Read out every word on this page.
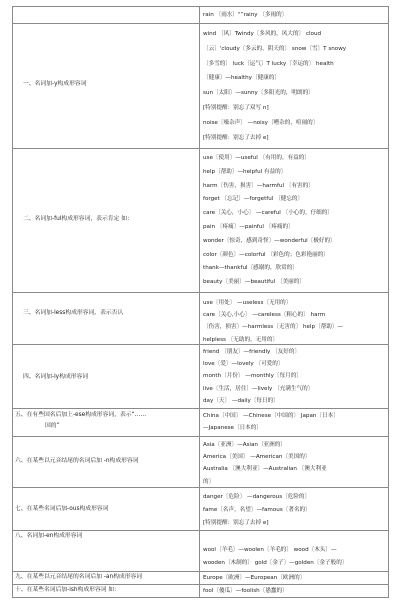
rain 〔雨水〕"“rainy 〔多雨的〕
一、名词加-y构成形容词
wind 〔风〕Twindy〔多风的，风大的〕 cloud
〔云〕'cloudy〔多云的，阴天的〕 snow〔雪〕T snowy
〔多雪的〕 luck〔运气〕T lucky〔幸运的〕 health
〔健康〕—healthy〔健康的〕
sun〔太阳〕—sunny〔多阳光的，明朗的〕
[特别提醒：别忘了双写 n]
noise〔噪杂声〕 —noisy〔嘈杂的，喧闹的〕
[特别提醒：别忘了去掉 e]
二、名词加-ful构成形容词，表示肯定 如：
use〔使用〕—useful 〔有用的，有益的〕
help〔帮助〕—helpful 有益的〕
harm〔伤害，损害〕—harmful 〔有害的〕
forget 〔忘记〕—forgetful 〔健忘的〕
care〔关心，小心〕 —careful 〔小心的，仔细的〕
pain 〔疼痛〕—painful 〔疼痛的〕
wonder〔惊奇，感到奇怪〕—wonderful〔极好的〕
color〔颜色〕—colorful 〔彩色的；色彩艳丽的〕
thank—thankful〔感谢的，欣赏的〕
beauty〔美丽〕—beautiful 〔美丽的〕
三、名词加-less构成形容词，表示否认
use〔用处〕 —useless〔无用的〕
care〔关心,小心〕 —careless〔粗心的〕 harm
〔伤害，损害〕—harmless〔无害的〕 help〔帮助〕—
helpless 〔无助的，无用的〕
四、名词加-ly构成形容词
friend 〔朋友〕—friendly 〔友好的〕
love〔爱〕—lovely 〔可爱的〕
month〔月份〕 —monthly〔每月的〕
live〔生活，居住〕—lively 〔充满生气的〕
day〔天〕 —daily〔每日的〕
五、在有些国名后加上-ese构成形容词，表示“……
国的”
China〔中国〕 —Chinese〔中国的〕 Japan〔日本〕
—Japanese〔日本的〕
六、在某些以元音结尾的名词后加 -n构成形容词
Asia〔亚洲〕—Asian〔亚洲的〕
America〔美国〕 —American〔美国的〕
Australia 〔澳大利亚〕—Australian 〔澳大利亚
的〕
七、在某些名词后加-ous构成形容词
danger〔危险〕 —dangerous〔危险的〕
fame〔名声，名望〕—famous〔著名的〕
[特别提醒：别忘了去掉 e]
八、名词加-en构成形容词
wool〔羊毛〕—woolen〔羊毛的〕 wood〔木头〕—
wooden〔木制的〕 gold〔金子〕—golden〔金子般的〕
九、在某些以元音结尾的名词后加 -an构成形容词	Europe〔欧洲〕—European〔欧洲的〕
十、在某些名词后加-ish构成形容词 如：	fool〔傻瓜〕—foolish〔愚蠢的〕
